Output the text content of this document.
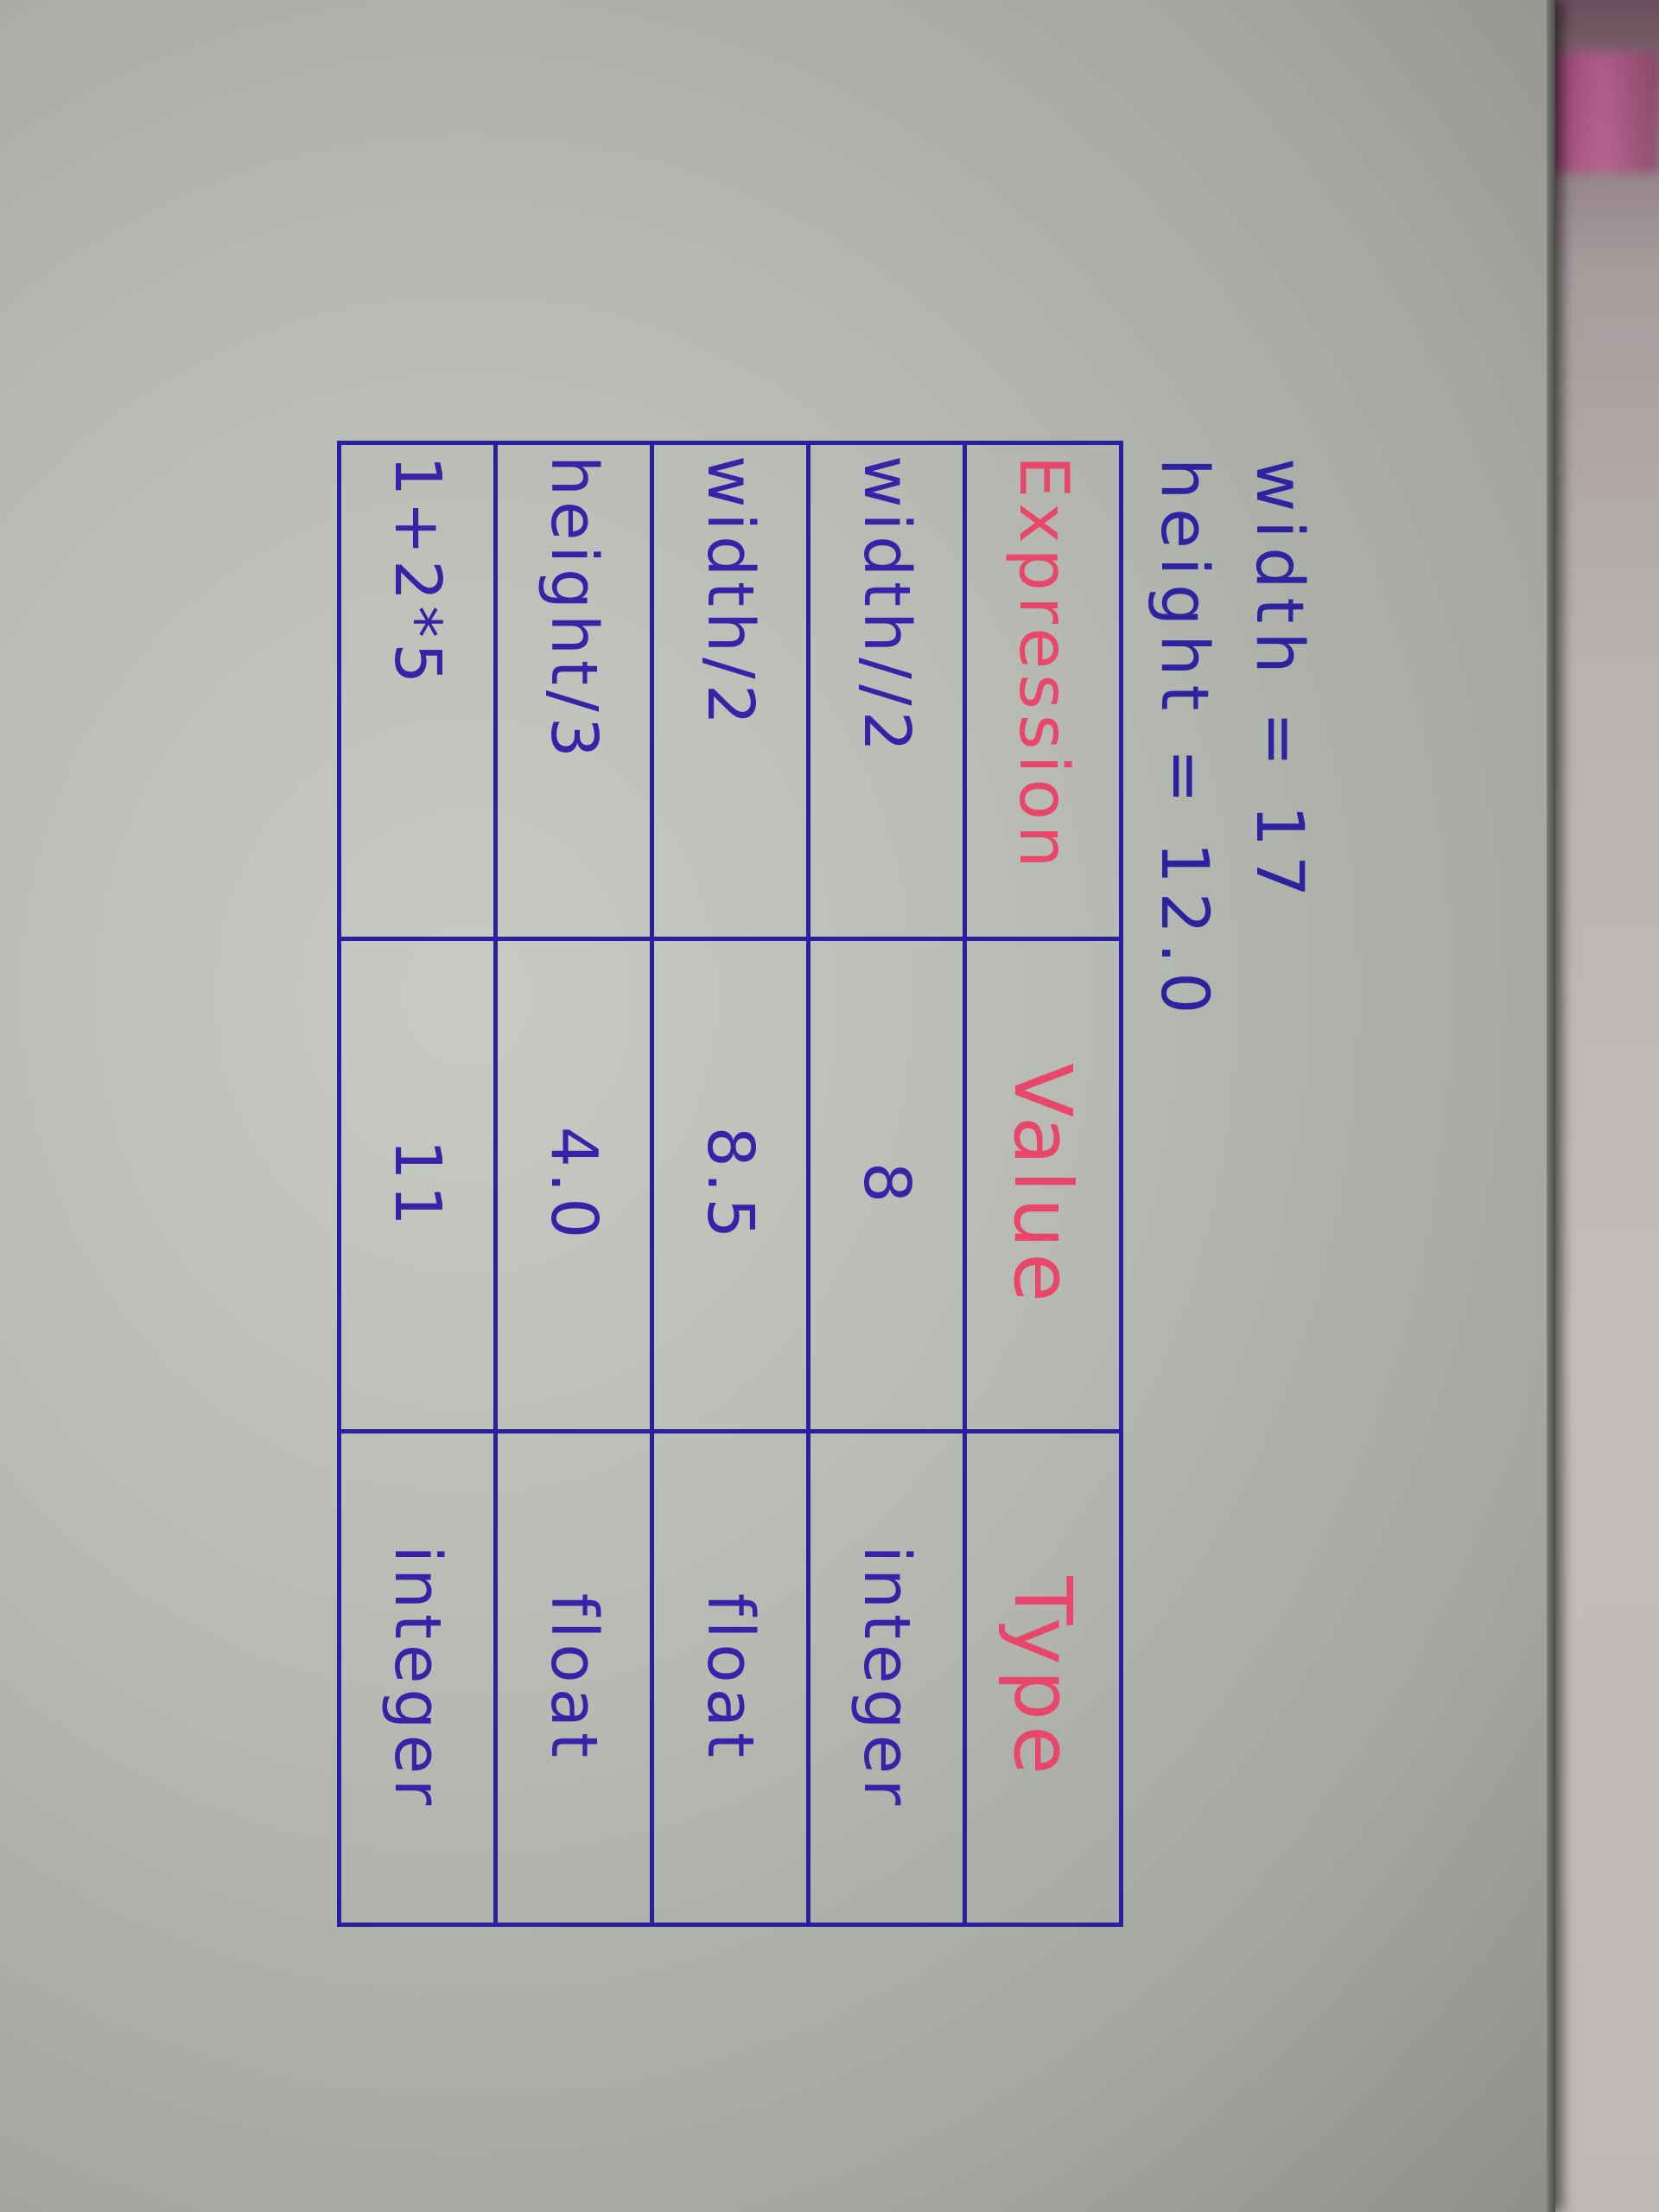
width = 17
height = 12.0
Expression	Value	Type
width//2	8	integer
width/2	8.5	float
height/3	4.0	float
1+2*5	11	integer
